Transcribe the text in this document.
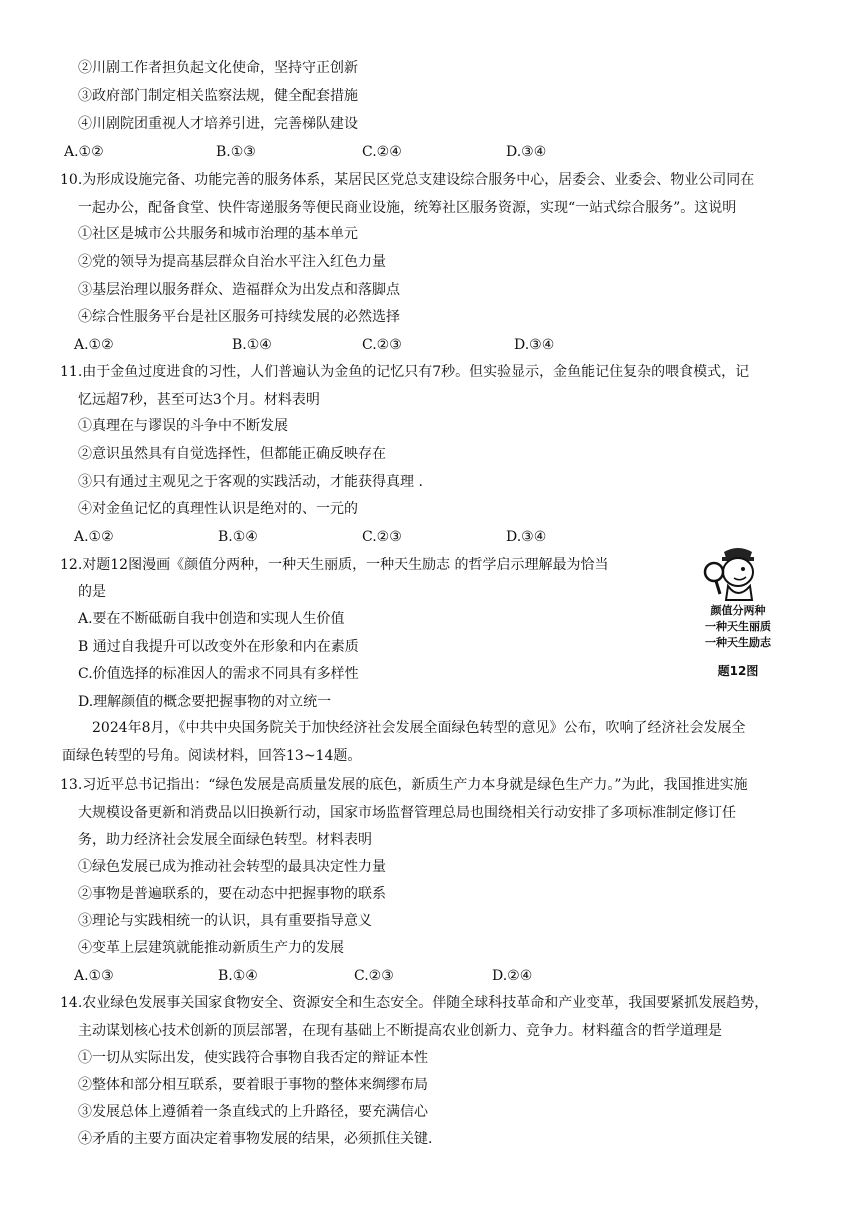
②川剧工作者担负起文化使命，坚持守正创新
③政府部门制定相关监察法规，健全配套措施
④川剧院团重视人才培养引进，完善梯队建设
A.①②	B.①③	C.②④	D.③④
10.为形成设施完备、功能完善的服务体系，某居民区党总支建设综合服务中心，居委会、业委会、物业公司同在
一起办公，配备食堂、快件寄递服务等便民商业设施，统筹社区服务资源，实现“一站式综合服务”。这说明
①社区是城市公共服务和城市治理的基本单元
②党的领导为提高基层群众自治水平注入红色力量
③基层治理以服务群众、造福群众为出发点和落脚点
④综合性服务平台是社区服务可持续发展的必然选择
A.①②	B.①④	C.②③	D.③④
11.由于金鱼过度进食的习性，人们普遍认为金鱼的记忆只有7秒。但实验显示，金鱼能记住复杂的喂食模式，记
忆远超7秒，甚至可达3个月。材料表明
①真理在与谬误的斗争中不断发展
②意识虽然具有自觉选择性，但都能正确反映存在
③只有通过主观见之于客观的实践活动，才能获得真理 .
④对金鱼记忆的真理性认识是绝对的、一元的
A.①②	B.①④	C.②③	D.③④
12.对题12图漫画《颜值分两种，一种天生丽质，一种天生励志 的哲学启示理解最为恰当
的是
A.要在不断砥砺自我中创造和实现人生价值
B 通过自我提升可以改变外在形象和内在素质
C.价值选择的标准因人的需求不同具有多样性
D.理解颜值的概念要把握事物的对立统一
颜值分两种
一种天生丽质
一种天生励志
题12图
2024年8月，《中共中央国务院关于加快经济社会发展全面绿色转型的意见》公布，吹响了经济社会发展全
面绿色转型的号角。阅读材料，回答13~14题。
13.习近平总书记指出：“绿色发展是高质量发展的底色，新质生产力本身就是绿色生产力。”为此，我国推进实施
大规模设备更新和消费品以旧换新行动，国家市场监督管理总局也围绕相关行动安排了多项标准制定修订任
务，助力经济社会发展全面绿色转型。材料表明
①绿色发展已成为推动社会转型的最具决定性力量
②事物是普遍联系的，要在动态中把握事物的联系
③理论与实践相统一的认识，具有重要指导意义
④变革上层建筑就能推动新质生产力的发展
A.①③	B.①④	C.②③	D.②④
14.农业绿色发展事关国家食物安全、资源安全和生态安全。伴随全球科技革命和产业变革，我国要紧抓发展趋势，
主动谋划核心技术创新的顶层部署，在现有基础上不断提高农业创新力、竞争力。材料蕴含的哲学道理是
①一切从实际出发，使实践符合事物自我否定的辩证本性
②整体和部分相互联系，要着眼于事物的整体来绸缪布局
③发展总体上遵循着一条直线式的上升路径，要充满信心
④矛盾的主要方面决定着事物发展的结果，必须抓住关键.
